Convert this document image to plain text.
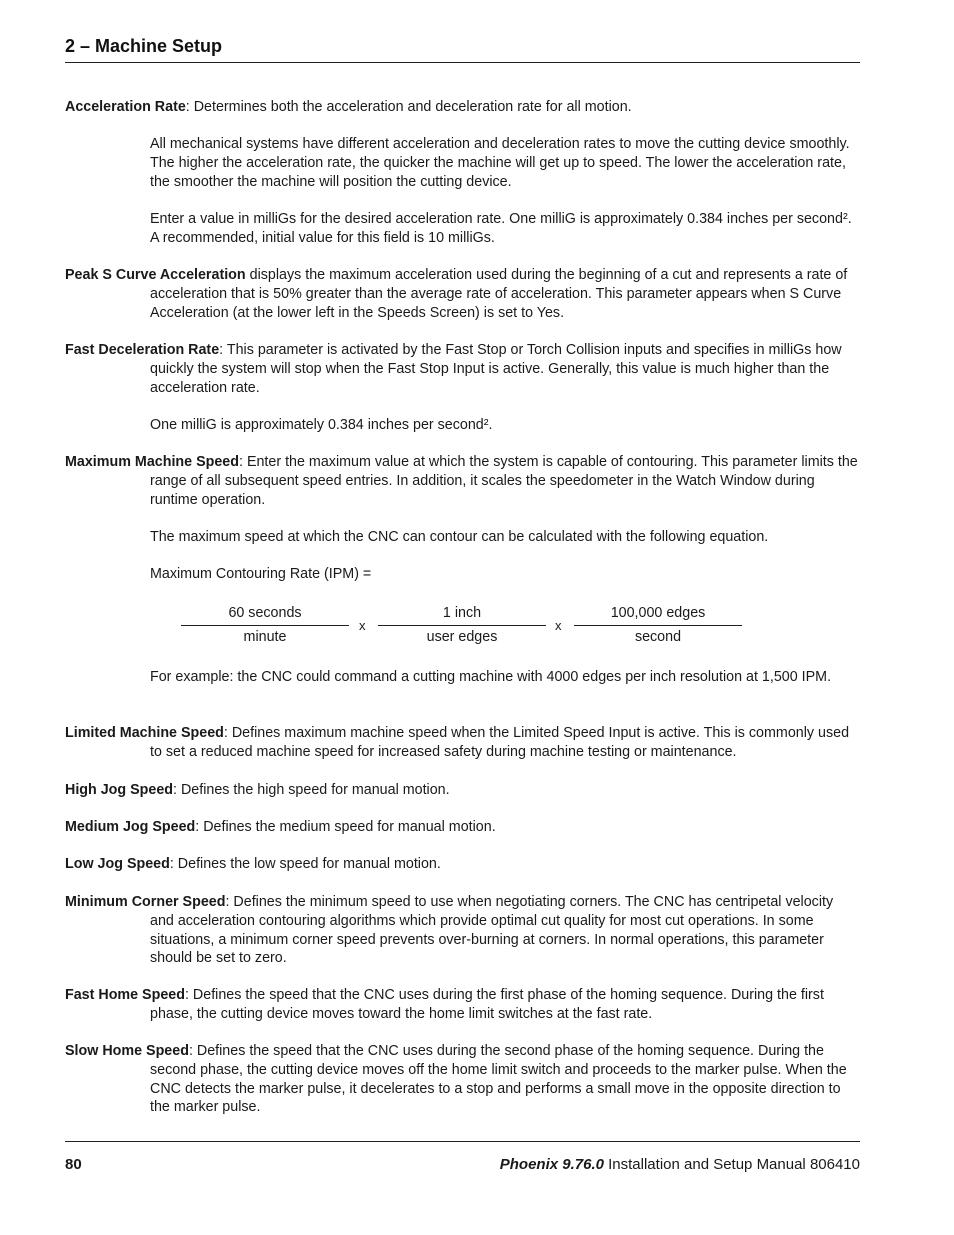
2 – Machine Setup
Acceleration Rate: Determines both the acceleration and deceleration rate for all motion.
All mechanical systems have different acceleration and deceleration rates to move the cutting device smoothly. The higher the acceleration rate, the quicker the machine will get up to speed. The lower the acceleration rate, the smoother the machine will position the cutting device.
Enter a value in milliGs for the desired acceleration rate. One milliG is approximately 0.384 inches per second². A recommended, initial value for this field is 10 milliGs.
Peak S Curve Acceleration displays the maximum acceleration used during the beginning of a cut and represents a rate of acceleration that is 50% greater than the average rate of acceleration. This parameter appears when S Curve Acceleration (at the lower left in the Speeds Screen) is set to Yes.
Fast Deceleration Rate: This parameter is activated by the Fast Stop or Torch Collision inputs and specifies in milliGs how quickly the system will stop when the Fast Stop Input is active. Generally, this value is much higher than the acceleration rate.
One milliG is approximately 0.384 inches per second².
Maximum Machine Speed: Enter the maximum value at which the system is capable of contouring. This parameter limits the range of all subsequent speed entries. In addition, it scales the speedometer in the Watch Window during runtime operation.
The maximum speed at which the CNC can contour can be calculated with the following equation.
Maximum Contouring Rate (IPM) =
60 seconds
minute
x
1 inch
user edges
x
100,000 edges
second
For example: the CNC could command a cutting machine with 4000 edges per inch resolution at 1,500 IPM.
Limited Machine Speed: Defines maximum machine speed when the Limited Speed Input is active. This is commonly used to set a reduced machine speed for increased safety during machine testing or maintenance.
High Jog Speed: Defines the high speed for manual motion.
Medium Jog Speed: Defines the medium speed for manual motion.
Low Jog Speed: Defines the low speed for manual motion.
Minimum Corner Speed: Defines the minimum speed to use when negotiating corners. The CNC has centripetal velocity and acceleration contouring algorithms which provide optimal cut quality for most cut operations. In some situations, a minimum corner speed prevents over-burning at corners. In normal operations, this parameter should be set to zero.
Fast Home Speed: Defines the speed that the CNC uses during the first phase of the homing sequence. During the first phase, the cutting device moves toward the home limit switches at the fast rate.
Slow Home Speed: Defines the speed that the CNC uses during the second phase of the homing sequence. During the second phase, the cutting device moves off the home limit switch and proceeds to the marker pulse. When the CNC detects the marker pulse, it decelerates to a stop and performs a small move in the opposite direction to the marker pulse.
80	Phoenix 9.76.0 Installation and Setup Manual 806410
